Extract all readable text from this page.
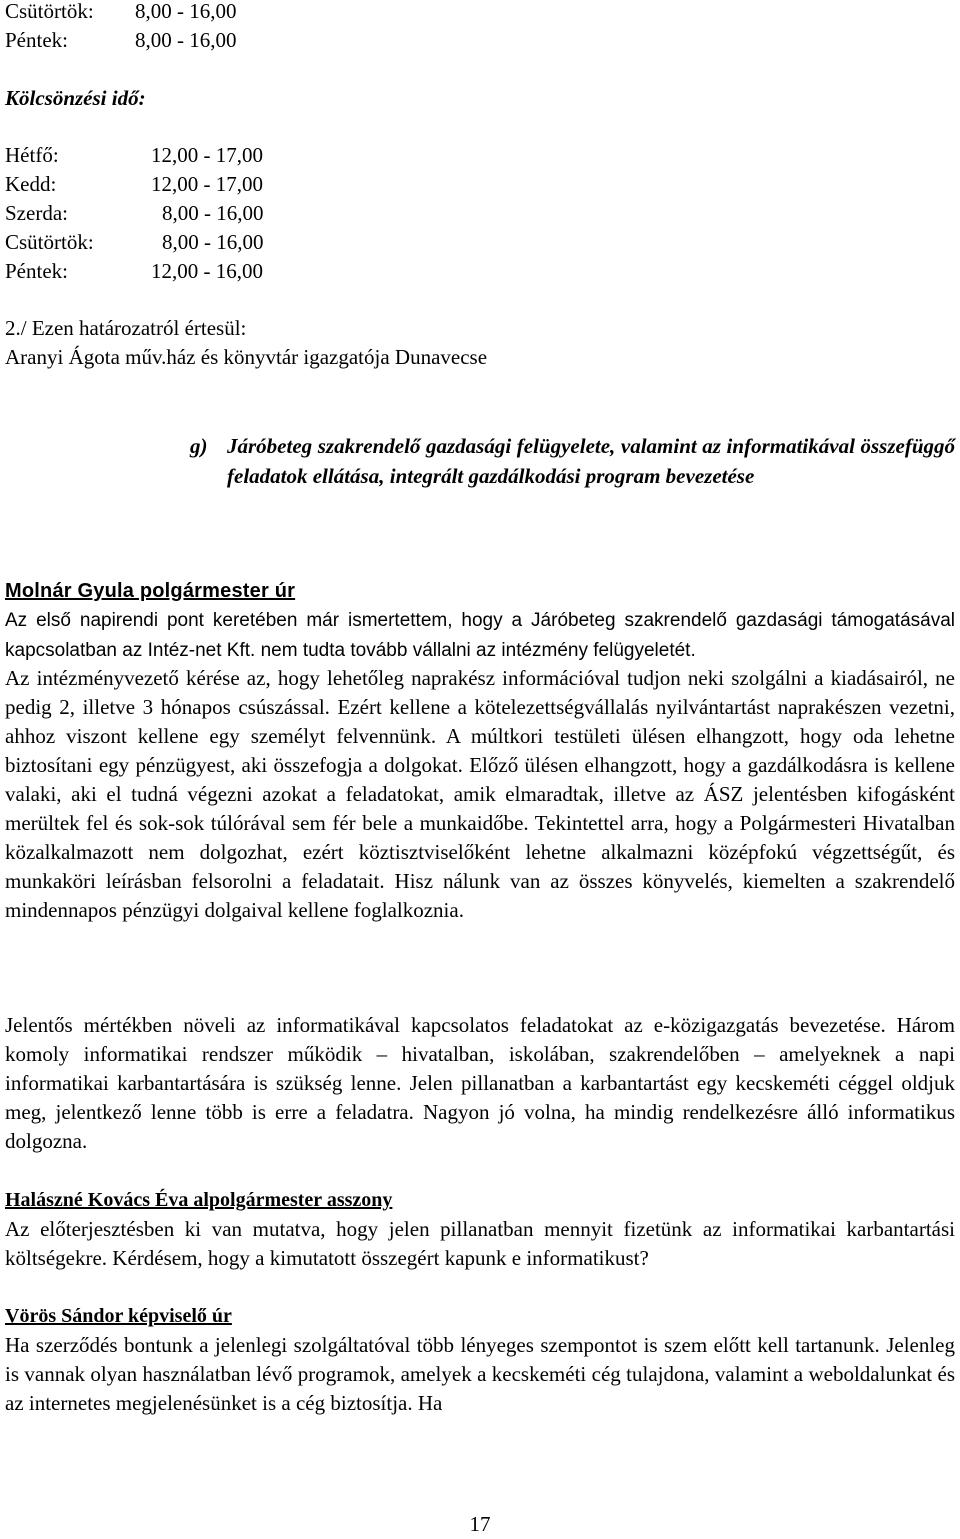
Csütörtök: 8,00 - 16,00
Péntek:	8,00 - 16,00
Kölcsönzési idő:
Hétfő:	12,00 - 17,00
Kedd:	12,00 - 17,00
Szerda:	8,00 - 16,00
Csütörtök:	8,00 - 16,00
Péntek:	12,00 - 16,00
2./ Ezen határozatról értesül:
Aranyi Ágota műv.ház és könyvtár igazgatója Dunavecse
g) Járóbeteg szakrendelő gazdasági felügyelete, valamint az informatikával összefüggő feladatok ellátása, integrált gazdálkodási program bevezetése
Molnár Gyula polgármester úr
Az első napirendi pont keretében már ismertettem, hogy a Járóbeteg szakrendelő gazdasági támogatásával kapcsolatban az Intéz-net Kft. nem tudta tovább vállalni az intézmény felügyeletét.
Az intézményvezető kérése az, hogy lehetőleg naprakész információval tudjon neki szolgálni a kiadásairól, ne pedig 2, illetve 3 hónapos csúszással. Ezért kellene a kötelezettségvállalás nyilvántartást naprakészen vezetni, ahhoz viszont kellene egy személyt felvennünk. A múltkori testületi ülésen elhangzott, hogy oda lehetne biztosítani egy pénzügyest, aki összefogja a dolgokat. Előző ülésen elhangzott, hogy a gazdálkodásra is kellene valaki, aki el tudná végezni azokat a feladatokat, amik elmaradtak, illetve az ÁSZ jelentésben kifogásként merültek fel és sok-sok túlórával sem fér bele a munkaidőbe. Tekintettel arra, hogy a Polgármesteri Hivatalban közalkalmazott nem dolgozhat, ezért köztisztviselőként lehetne alkalmazni középfokú végzettségűt, és munkaköri leírásban felsorolni a feladatait. Hisz nálunk van az összes könyvelés, kiemelten a szakrendelő mindennapos pénzügyi dolgaival kellene foglalkoznia.
Jelentős mértékben növeli az informatikával kapcsolatos feladatokat az e-közigazgatás bevezetése. Három komoly informatikai rendszer működik – hivatalban, iskolában, szakrendelőben – amelyeknek a napi informatikai karbantartására is szükség lenne. Jelen pillanatban a karbantartást egy kecskeméti céggel oldjuk meg, jelentkező lenne több is erre a feladatra. Nagyon jó volna, ha mindig rendelkezésre álló informatikus dolgozna.
Halászné Kovács Éva alpolgármester asszony
Az előterjesztésben ki van mutatva, hogy jelen pillanatban mennyit fizetünk az informatikai karbantartási költségekre. Kérdésem, hogy a kimutatott összegért kapunk e informatikust?
Vörös Sándor képviselő úr
Ha szerződés bontunk a jelenlegi szolgáltatóval több lényeges szempontot is szem előtt kell tartanunk. Jelenleg is vannak olyan használatban lévő programok, amelyek a kecskeméti cég tulajdona, valamint a weboldalunkat és az internetes megjelenésünket is a cég biztosítja. Ha
17
